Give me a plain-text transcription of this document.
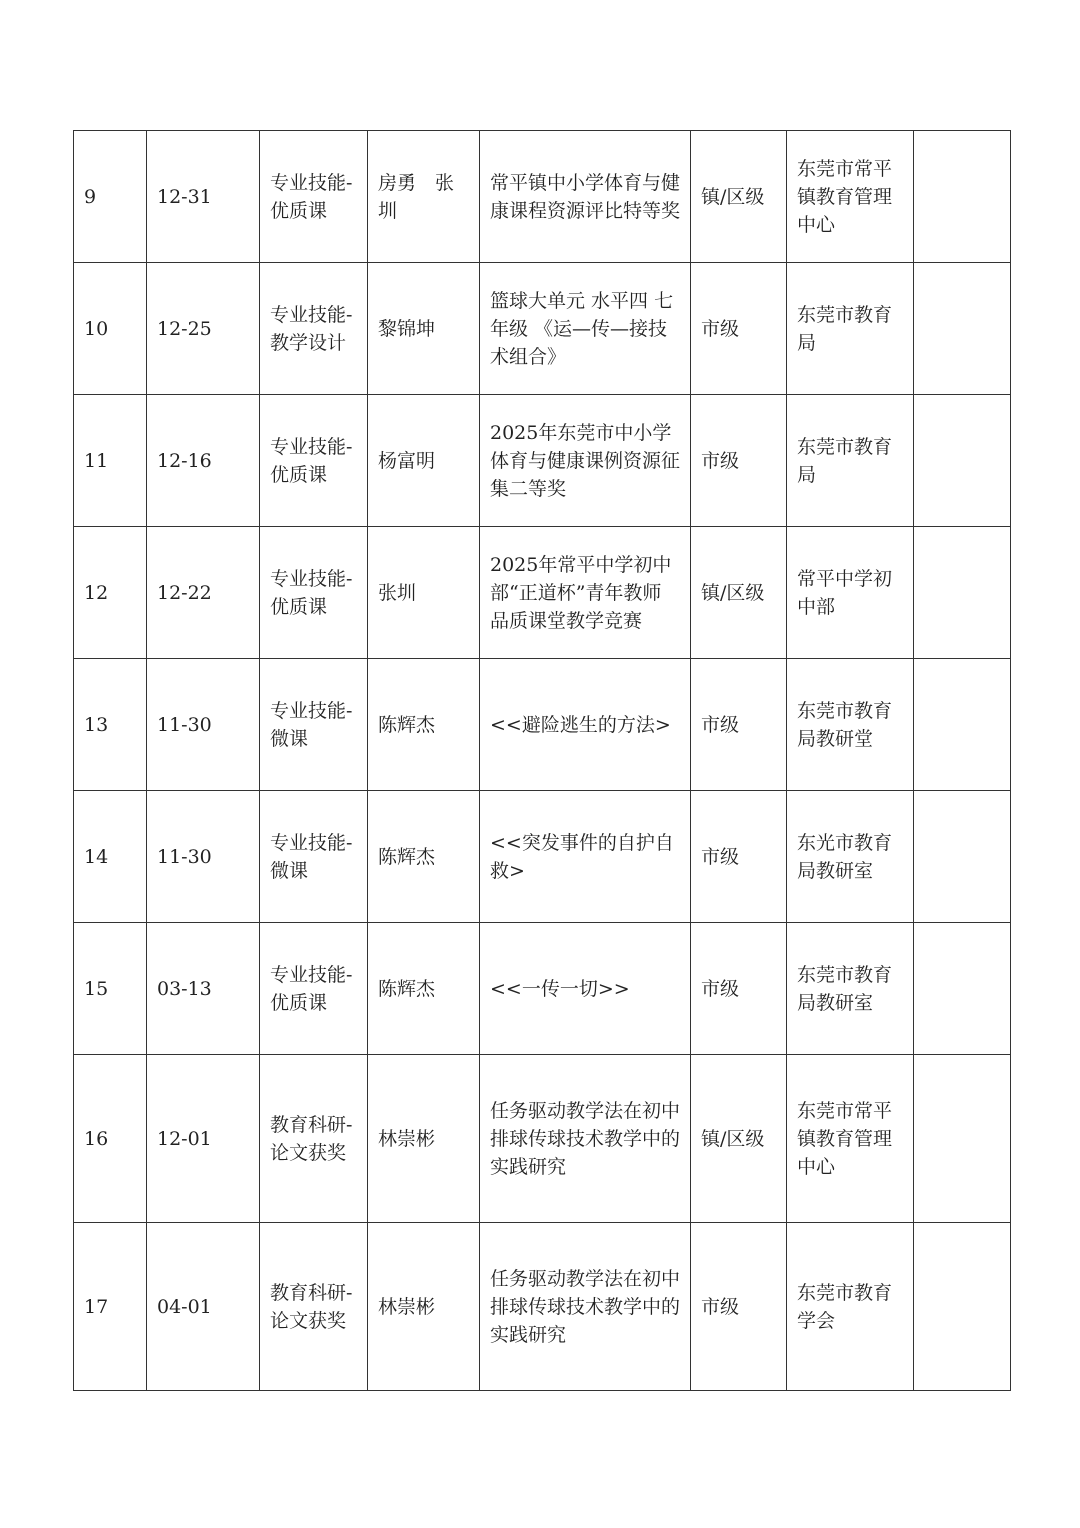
9	12-31	专业技能-优质课	房勇　张圳	常平镇中小学体育与健康课程资源评比特等奖	镇/区级	东莞市常平镇教育管理中心	
10	12-25	专业技能-教学设计	黎锦坤	篮球大单元 水平四 七年级 《运—传—接技术组合》	市级	东莞市教育局	
11	12-16	专业技能-优质课	杨富明	2025年东莞市中小学体育与健康课例资源征集二等奖	市级	东莞市教育局	
12	12-22	专业技能-优质课	张圳	2025年常平中学初中部“正道杯”青年教师品质课堂教学竞赛	镇/区级	常平中学初中部	
13	11-30	专业技能-微课	陈辉杰	<<避险逃生的方法>	市级	东莞市教育局教研堂	
14	11-30	专业技能-微课	陈辉杰	<<突发事件的自护自救>	市级	东光市教育局教研室	
15	03-13	专业技能-优质课	陈辉杰	<<一传一切>>	市级	东莞市教育局教研室	
16	12-01	教育科研-论文获奖	林崇彬	任务驱动教学法在初中排球传球技术教学中的实践研究	镇/区级	东莞市常平镇教育管理中心	
17	04-01	教育科研-论文获奖	林崇彬	任务驱动教学法在初中排球传球技术教学中的实践研究	市级	东莞市教育学会	
